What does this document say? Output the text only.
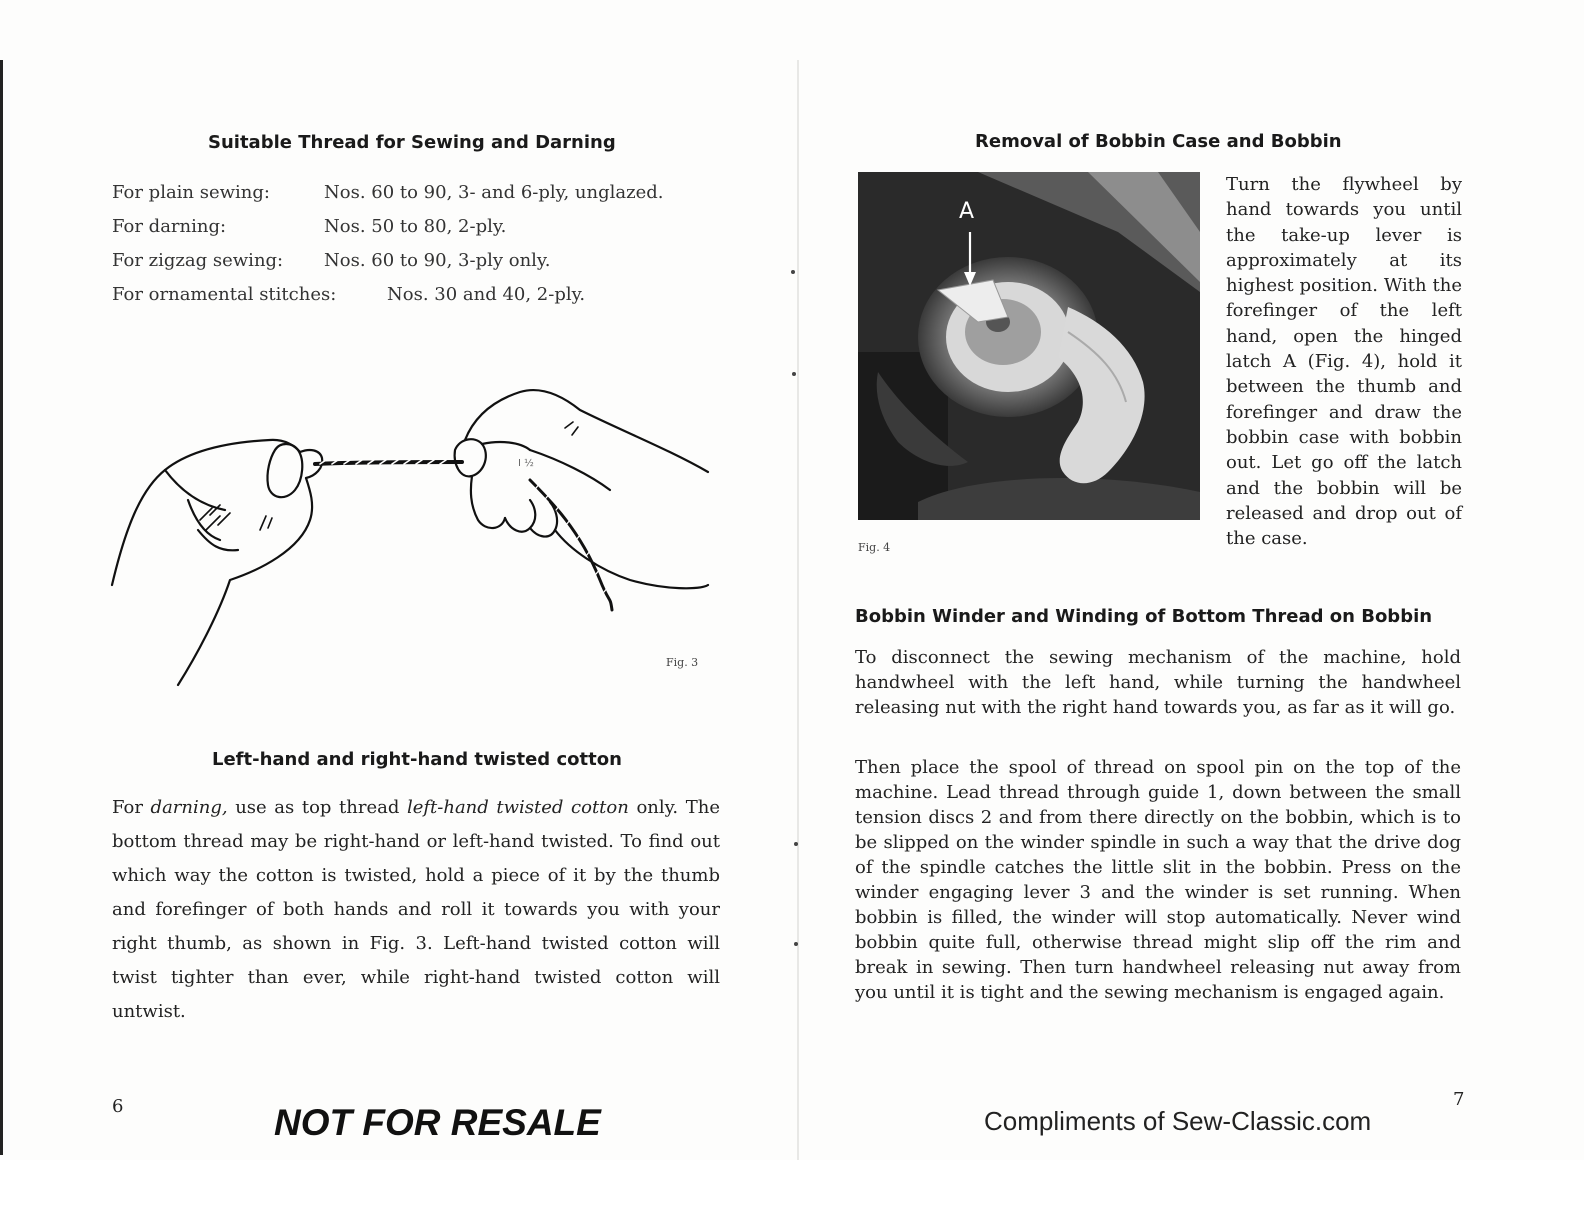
Suitable Thread for Sewing and Darning
For plain sewing:	Nos. 60 to 90, 3- and 6-ply, unglazed.
For darning:	Nos. 50 to 80, 2-ply.
For zigzag sewing: Nos. 60 to 90, 3-ply only.
For ornamental stitches:	Nos. 30 and 40, 2-ply.
I ½
Fig. 3
Left-hand and right-hand twisted cotton
For darning, use as top thread left-hand twisted cotton only. The bottom thread may be right-hand or left-hand twisted. To find out which way the cotton is twisted, hold a piece of it by the thumb and forefinger of both hands and roll it towards you with your right thumb, as shown in Fig. 3. Left-hand twisted cotton will twist tighter than ever, while right-hand twisted cotton will untwist.
6	NOT FOR RESALE
Removal of Bobbin Case and Bobbin
A
Fig. 4
Turn the flywheel by hand towards you until the take-up lever is approximately at its highest position. With the forefinger of the left hand, open the hinged latch A (Fig. 4), hold it between the thumb and forefinger and draw the bobbin case with bobbin out. Let go off the latch and the bobbin will be released and drop out of the case.
Bobbin Winder and Winding of Bottom Thread on Bobbin
To disconnect the sewing mechanism of the machine, hold handwheel with the left hand, while turning the handwheel releasing nut with the right hand towards you, as far as it will go.
Then place the spool of thread on spool pin on the top of the machine. Lead thread through guide 1, down between the small tension discs 2 and from there directly on the bobbin, which is to be slipped on the winder spindle in such a way that the drive dog of the spindle catches the little slit in the bobbin. Press on the winder engaging lever 3 and the winder is set running. When bobbin is filled, the winder will stop automatically. Never wind bobbin quite full, otherwise thread might slip off the rim and break in sewing. Then turn handwheel releasing nut away from you until it is tight and the sewing mechanism is engaged again.
7
Compliments of Sew-Classic.com
